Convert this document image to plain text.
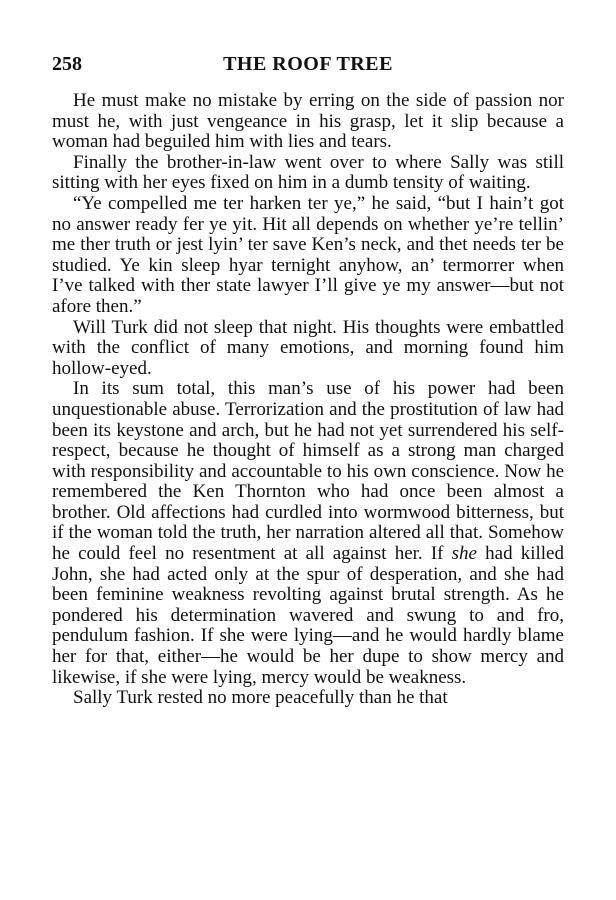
258	THE ROOF TREE

He must make no mistake by erring on the side of passion nor must he, with just vengeance in his grasp, let it slip because a woman had beguiled him with lies and tears.

Finally the brother-in-law went over to where Sally was still sitting with her eyes fixed on him in a dumb tensity of waiting.

“Ye compelled me ter harken ter ye,” he said, “but I hain’t got no answer ready fer ye yit. Hit all depends on whether ye’re tellin’ me ther truth or jest lyin’ ter save Ken’s neck, and thet needs ter be studied. Ye kin sleep hyar ternight anyhow, an’ termorrer when I’ve talked with ther state lawyer I’ll give ye my answer—but not afore then.”

Will Turk did not sleep that night. His thoughts were embattled with the conflict of many emotions, and morning found him hollow-eyed.

In its sum total, this man’s use of his power had been unquestionable abuse. Terrorization and the prostitution of law had been its keystone and arch, but he had not yet surrendered his self-respect, because he thought of himself as a strong man charged with responsibility and accountable to his own conscience. Now he remembered the Ken Thornton who had once been almost a brother. Old affections had curdled into wormwood bitterness, but if the woman told the truth, her narration altered all that. Somehow he could feel no resentment at all against her. If she had killed John, she had acted only at the spur of desperation, and she had been feminine weakness revolting against brutal strength. As he pondered his determination wavered and swung to and fro, pendulum fashion. If she were lying—and he would hardly blame her for that, either—he would be her dupe to show mercy and likewise, if she were lying, mercy would be weakness.

Sally Turk rested no more peacefully than he that
